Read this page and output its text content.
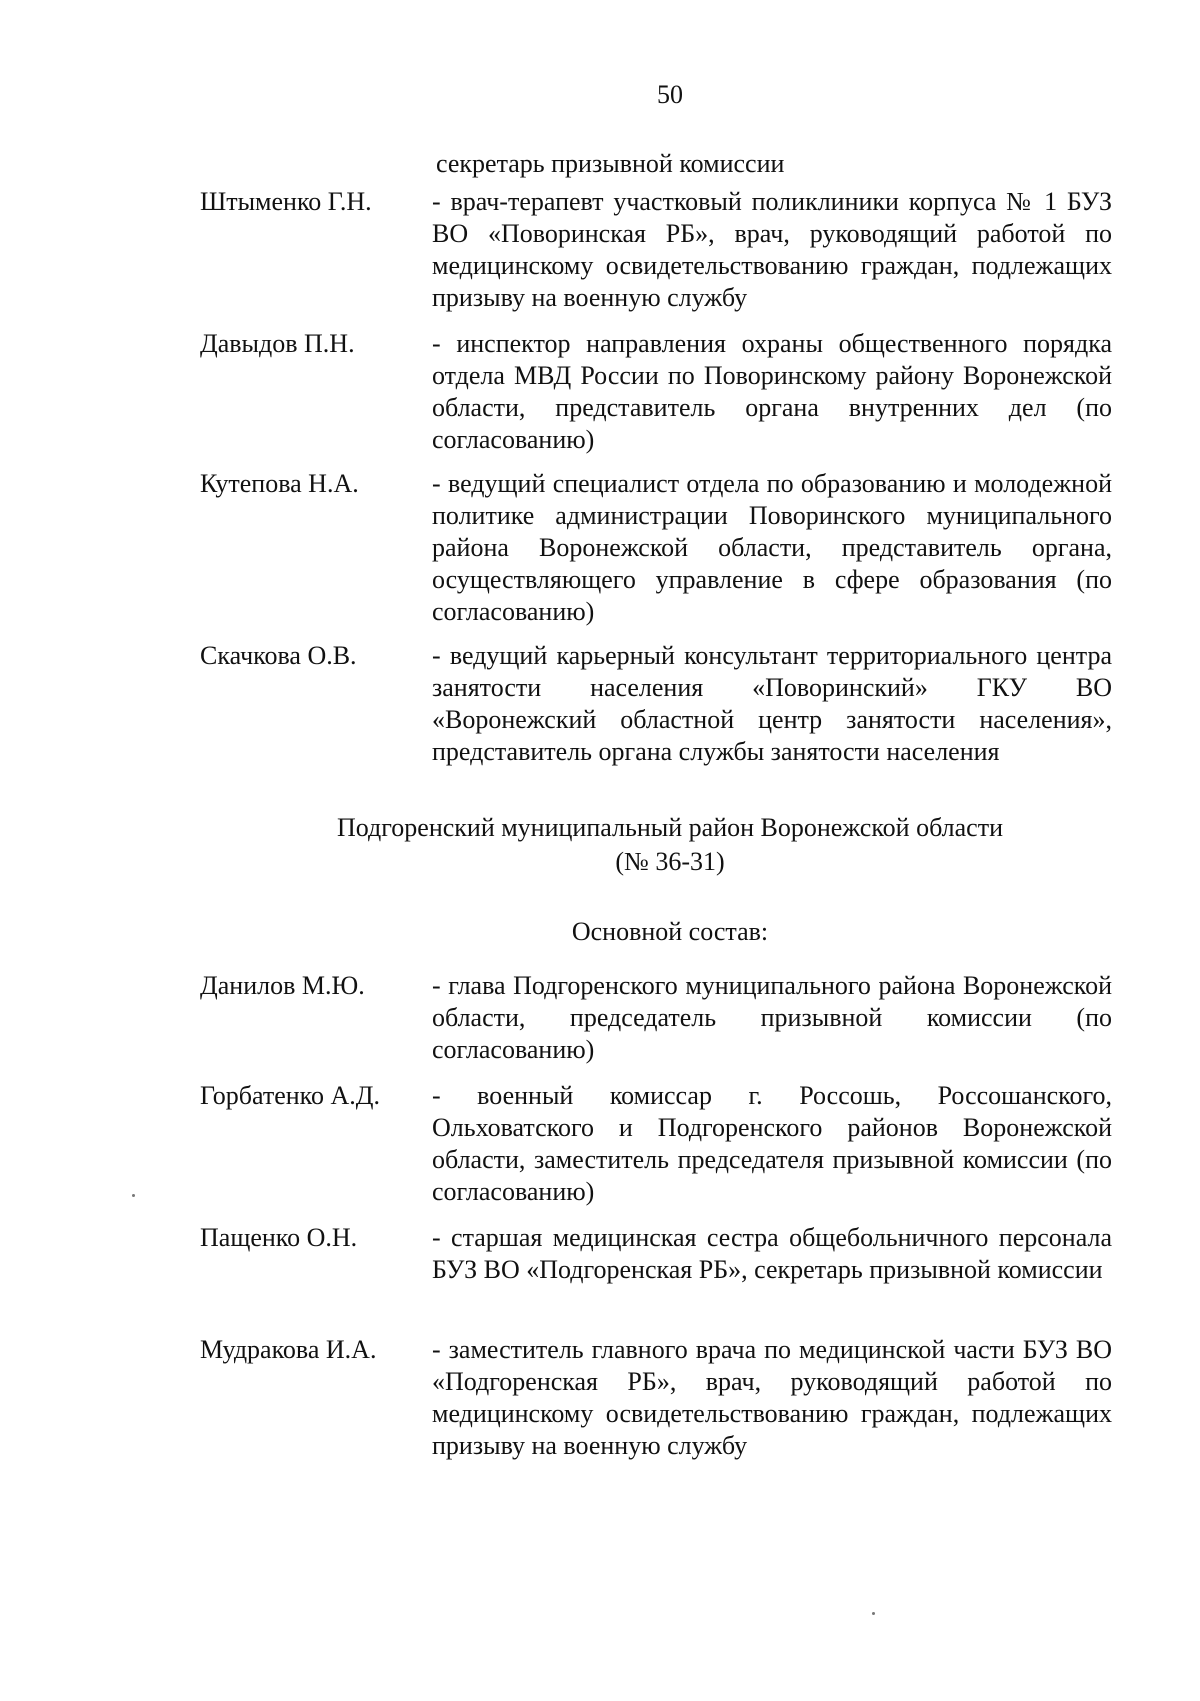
50
секретарь призывной комиссии
Штыменко Г.Н. - врач-терапевт участковый поликлиники корпуса № 1 БУЗ ВО «Поворинская РБ», врач, руководящий работой по медицинскому освидетельствованию граждан, подлежащих призыву на военную службу
Давыдов П.Н.	- инспектор направления охраны общественного порядка отдела МВД России по Поворинскому району Воронежской области, представитель органа внутренних дел (по согласованию)
Кутепова Н.А.	- ведущий специалист отдела по образованию и молодежной политике администрации Поворинского муниципального района Воронежской области, представитель органа, осуществляющего управление в сфере образования (по согласованию)
Скачкова О.В.	- ведущий карьерный консультант территориального центра занятости населения «Поворинский» ГКУ ВО «Воронежский областной центр занятости населения», представитель органа службы занятости населения
Подгоренский муниципальный район Воронежской области
(№ 36-31)
Основной состав:
Данилов М.Ю.	- глава Подгоренского муниципального района Воронежской области, председатель призывной комиссии (по согласованию)
Горбатенко А.Д. - военный комиссар г. Россошь, Россошанского, Ольховатского и Подгоренского районов Воронежской области, заместитель председателя призывной комиссии (по согласованию)
Пащенко О.Н.	- старшая медицинская сестра общебольничного персонала БУЗ ВО «Подгоренская РБ», секретарь призывной комиссии
Мудракова И.А. - заместитель главного врача по медицинской части БУЗ ВО «Подгоренская РБ», врач, руководящий работой по медицинскому освидетельствованию граждан, подлежащих призыву на военную службу
